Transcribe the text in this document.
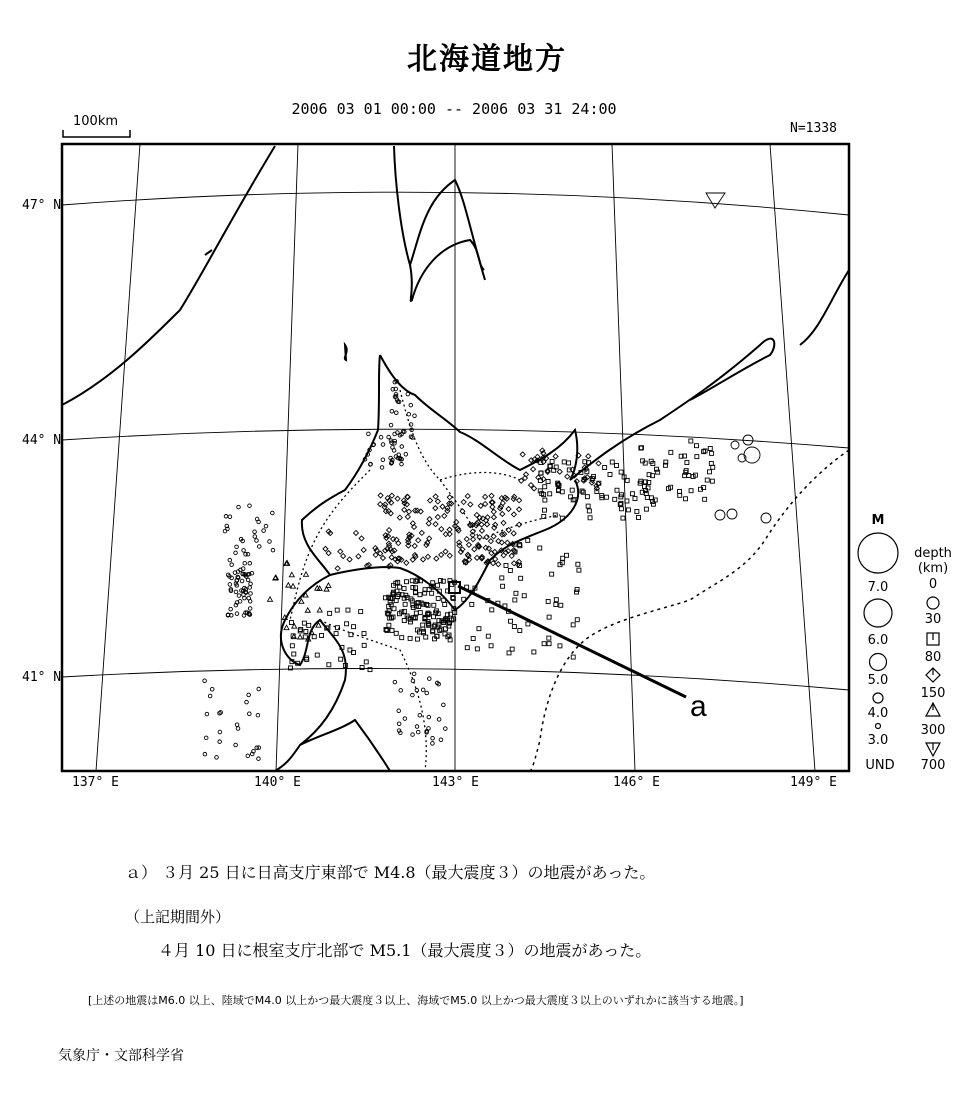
北海道地方
2006 03 01 00:00 -- 2006 03 31 24:00
N=1338
100km
47° N
44° N
41° N
137° E	140° E	143° E	146° E	149° E
a
M
7.0
6.0
5.0
4.0
3.0
UND
depth
(km)
0
30
80
150
300
700
ａ） ３月 25 日に日高支庁東部で M4.8（最大震度３）の地震があった。
（上記期間外）
４月 10 日に根室支庁北部で M5.1（最大震度３）の地震があった。
[上述の地震はM6.0 以上、陸域でM4.0 以上かつ最大震度３以上、海域でM5.0 以上かつ最大震度３以上のいずれかに該当する地震。]
気象庁・文部科学省
